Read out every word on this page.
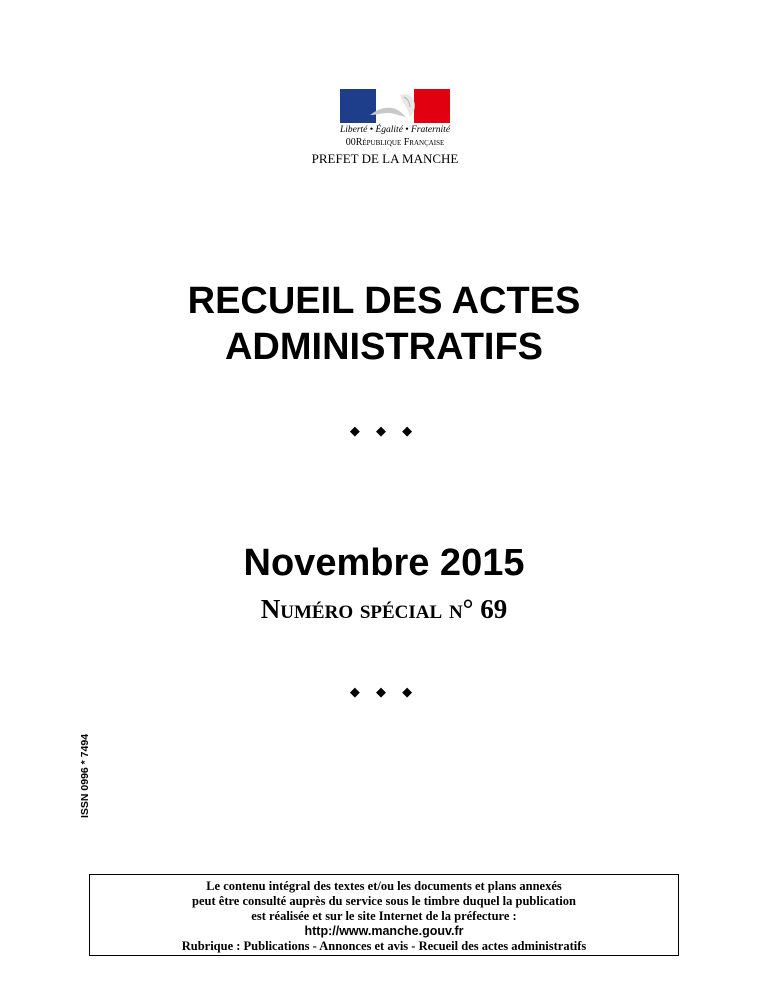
Liberté • Égalité • Fraternité
00République Française
PREFET DE LA MANCHE
RECUEIL DES ACTES
ADMINISTRATIFS
◆ ◆ ◆
Novembre 2015
Numéro spécial n° 69
◆ ◆ ◆
ISSN 0996 * 7494
Le contenu intégral des textes et/ou les documents et plans annexés
peut être consulté auprès du service sous le timbre duquel la publication
est réalisée et sur le site Internet de la préfecture :
http://www.manche.gouv.fr
Rubrique : Publications - Annonces et avis - Recueil des actes administratifs
